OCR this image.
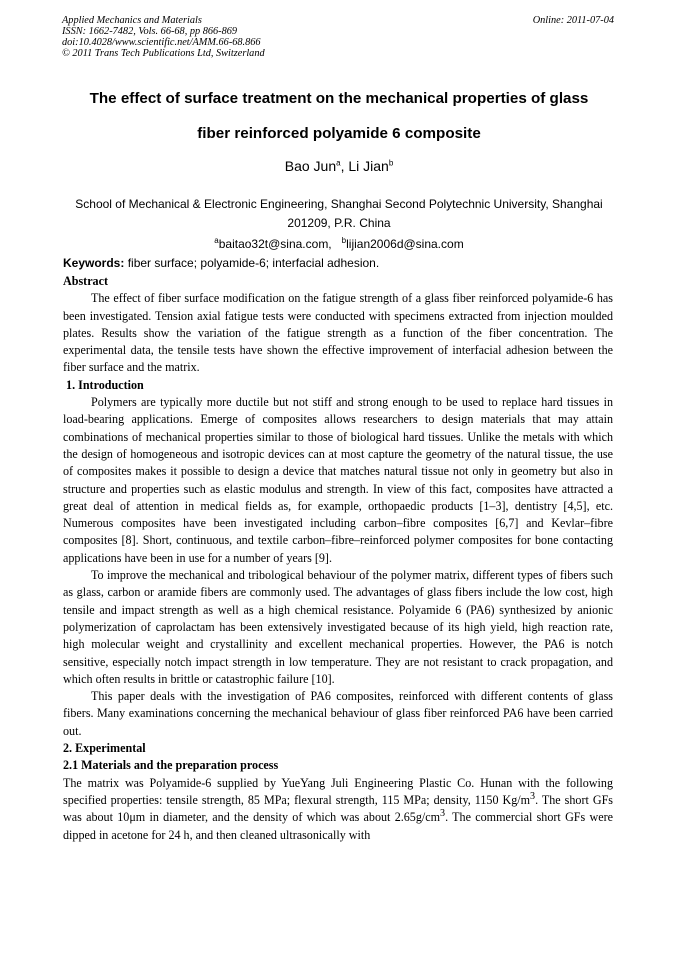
Applied Mechanics and Materials
ISSN: 1662-7482, Vols. 66-68, pp 866-869
doi:10.4028/www.scientific.net/AMM.66-68.866
© 2011 Trans Tech Publications Ltd, Switzerland
Online: 2011-07-04
The effect of surface treatment on the mechanical properties of glass
fiber reinforced polyamide 6 composite
Bao Jun$^a$, Li Jian$^b$
School of Mechanical & Electronic Engineering, Shanghai Second Polytechnic University, Shanghai 201209, P.R. China
$^a$baitao32t@sina.com, $^b$lijian2006d@sina.com
Keywords: fiber surface; polyamide-6; interfacial adhesion.
Abstract

The effect of fiber surface modification on the fatigue strength of a glass fiber reinforced polyamide-6 has been investigated. Tension axial fatigue tests were conducted with specimens extracted from injection moulded plates. Results show the variation of the fatigue strength as a function of the fiber concentration. The experimental data, the tensile tests have shown the effective improvement of interfacial adhesion between the fiber surface and the matrix.

1. Introduction

Polymers are typically more ductile but not stiff and strong enough to be used to replace hard tissues in load-bearing applications. Emerge of composites allows researchers to design materials that may attain combinations of mechanical properties similar to those of biological hard tissues. Unlike the metals with which the design of homogeneous and isotropic devices can at most capture the geometry of the natural tissue, the use of composites makes it possible to design a device that matches natural tissue not only in geometry but also in structure and properties such as elastic modulus and strength. In view of this fact, composites have attracted a great deal of attention in medical fields as, for example, orthopaedic products [1–3], dentistry [4,5], etc. Numerous composites have been investigated including carbon–fibre composites [6,7] and Kevlar–fibre composites [8]. Short, continuous, and textile carbon–fibre–reinforced polymer composites for bone contacting applications have been in use for a number of years [9].

To improve the mechanical and tribological behaviour of the polymer matrix, different types of fibers such as glass, carbon or aramide fibers are commonly used. The advantages of glass fibers include the low cost, high tensile and impact strength as well as a high chemical resistance. Polyamide 6 (PA6) synthesized by anionic polymerization of caprolactam has been extensively investigated because of its high yield, high reaction rate, high molecular weight and crystallinity and excellent mechanical properties. However, the PA6 is notch sensitive, especially notch impact strength in low temperature. They are not resistant to crack propagation, and which often results in brittle or catastrophic failure [10].

This paper deals with the investigation of PA6 composites, reinforced with different contents of glass fibers. Many examinations concerning the mechanical behaviour of glass fiber reinforced PA6 have been carried out.

2. Experimental
2.1 Materials and the preparation process

The matrix was Polyamide-6 supplied by YueYang Juli Engineering Plastic Co. Hunan with the following specified properties: tensile strength, 85 MPa; flexural strength, 115 MPa; density, 1150 $Kg/m^3$. The short GFs was about 10μm in diameter, and the density of which was about $2.65g/cm^3$. The commercial short GFs were dipped in acetone for 24 h, and then cleaned ultrasonically with
